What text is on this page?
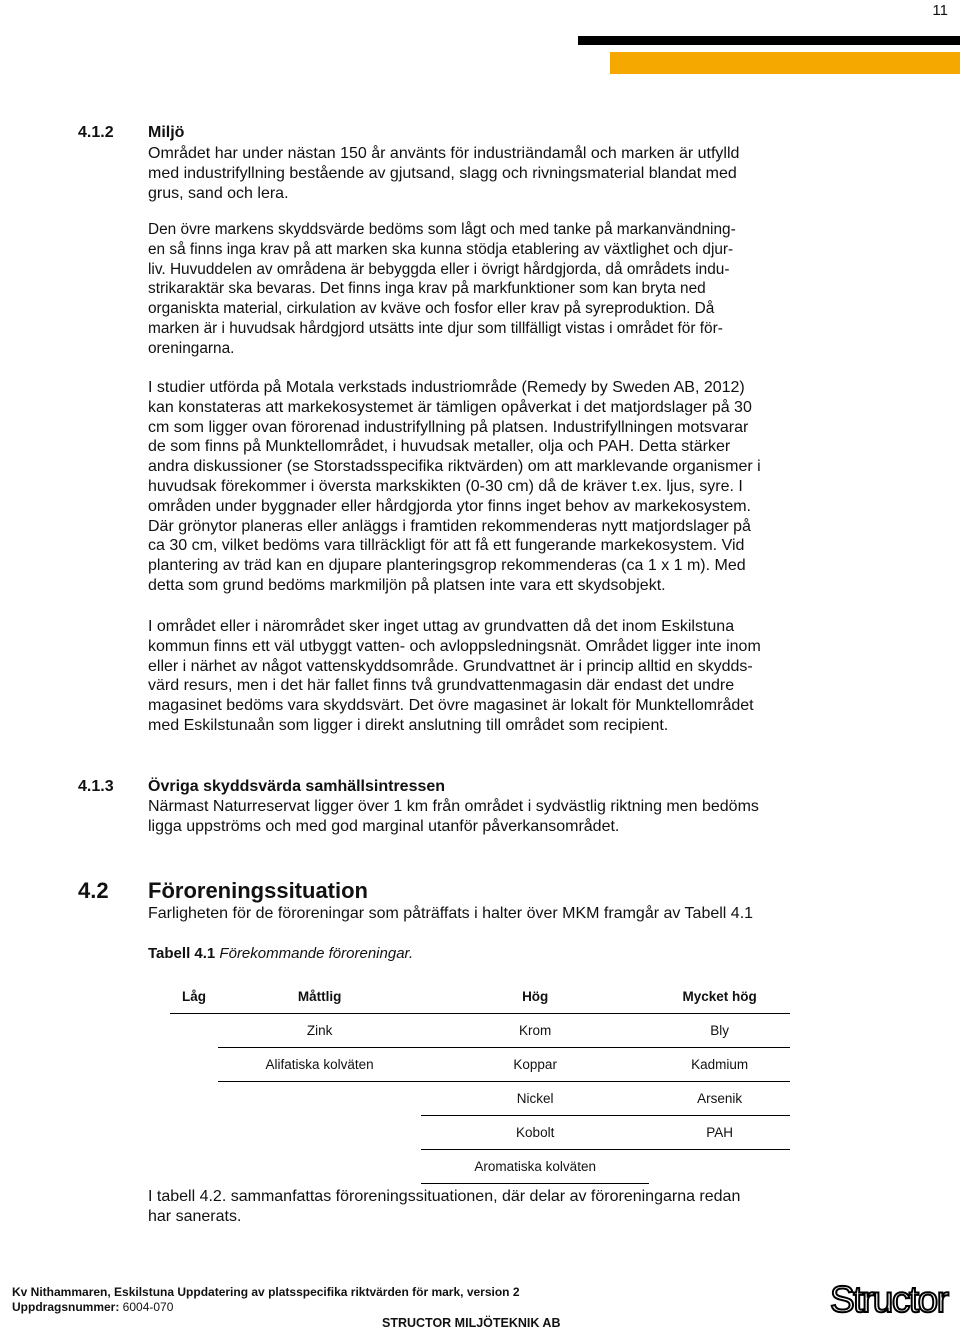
11
4.1.2 Miljö

Området har under nästan 150 år använts för industriändamål och marken är utfylld
med industrifyllning bestående av gjutsand, slagg och rivningsmaterial blandat med
grus, sand och lera.

Den övre markens skyddsvärde bedöms som lågt och med tanke på markanvändning-
en så finns inga krav på att marken ska kunna stödja etablering av växtlighet och djur-
liv. Huvuddelen av områdena är bebyggda eller i övrigt hårdgjorda, då områdets indu-
strikaraktär ska bevaras. Det finns inga krav på markfunktioner som kan bryta ned
organiskta material, cirkulation av kväve och fosfor eller krav på syreproduktion. Då
marken är i huvudsak hårdgjord utsätts inte djur som tillfälligt vistas i området för för-
oreningarna.

I studier utförda på Motala verkstads industriområde (Remedy by Sweden AB, 2012)
kan konstateras att markekosystemet är tämligen opåverkat i det matjordslager på 30
cm som ligger ovan förorenad industrifyllning på platsen. Industrifyllningen motsvarar
de som finns på Munktellområdet, i huvudsak metaller, olja och PAH. Detta stärker
andra diskussioner (se Storstadsspecifika riktvärden) om att marklevande organismer i
huvudsak förekommer i översta markskikten (0-30 cm) då de kräver t.ex. ljus, syre. I
områden under byggnader eller hårdgjorda ytor finns inget behov av markekosystem.
Där grönytor planeras eller anläggs i framtiden rekommenderas nytt matjordslager på
ca 30 cm, vilket bedöms vara tillräckligt för att få ett fungerande markekosystem. Vid
plantering av träd kan en djupare planteringsgrop rekommenderas (ca 1 x 1 m). Med
detta som grund bedöms markmiljön på platsen inte vara ett skydsobjekt.

I området eller i närområdet sker inget uttag av grundvatten då det inom Eskilstuna
kommun finns ett väl utbyggt vatten- och avloppsledningsnät. Området ligger inte inom
eller i närhet av något vattenskyddsområde. Grundvattnet är i princip alltid en skydds-
värd resurs, men i det här fallet finns två grundvattenmagasin där endast det undre
magasinet bedöms vara skyddsvärt. Det övre magasinet är lokalt för Munktellområdet
med Eskilstunaån som ligger i direkt anslutning till området som recipient.

4.1.3 Övriga skyddsvärda samhällsintressen

Närmast Naturreservat ligger över 1 km från området i sydvästlig riktning men bedöms
ligga uppströms och med god marginal utanför påverkansområdet.

4.2 Föroreningssituation

Farligheten för de föroreningar som påträffats i halter över MKM framgår av Tabell 4.1

Tabell 4.1 Förekommande föroreningar.
Låg	Måttlig	Hög	Mycket hög
	Zink	Krom	Bly
	Alifatiska kolväten	Koppar	Kadmium
		Nickel	Arsenik
		Kobolt	PAH
		Aromatiska kolväten	

I tabell 4.2. sammanfattas föroreningssituationen, där delar av föroreningarna redan
har sanerats.

Kv Nithammaren, Eskilstuna Uppdatering av platsspecifika riktvärden för mark, version 2
Uppdragsnummer: 6004-070
STRUCTOR MILJÖTEKNIK AB
Structor
